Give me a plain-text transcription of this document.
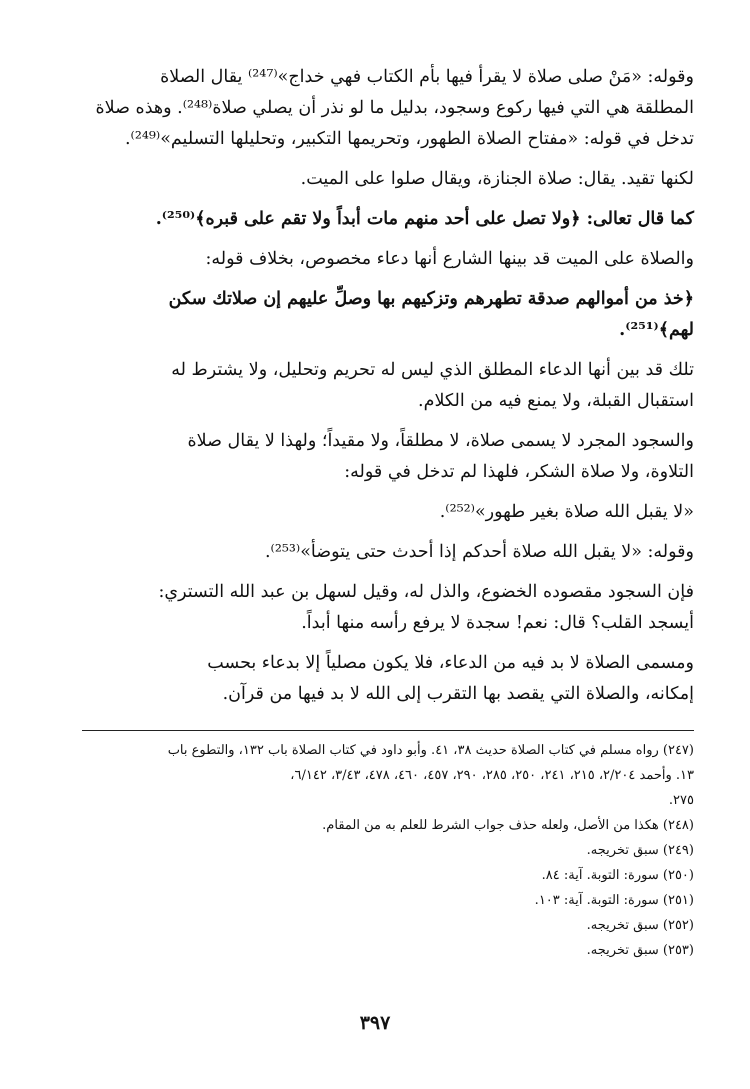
وقوله: «مَنْ صلى صلاة لا يقرأ فيها بأم الكتاب فهي خداج»⁽²⁴⁷⁾ يقال الصلاة
المطلقة هي التي فيها ركوع وسجود، بدليل ما لو نذر أن يصلي صلاة⁽²⁴⁸⁾. وهذه صلاة
تدخل في قوله: «مفتاح الصلاة الطهور، وتحريمها التكبير، وتحليلها التسليم»⁽²⁴⁹⁾.

لكنها تقيد. يقال: صلاة الجنازة، ويقال صلوا على الميت.

كما قال تعالى: ﴿ولا تصل على أحد منهم مات أبداً ولا تقم على قبره﴾⁽²⁵⁰⁾.

والصلاة على الميت قد بينها الشارع أنها دعاء مخصوص، بخلاف قوله:

﴿خذ من أموالهم صدقة تطهرهم وتزكيهم بها وصلِّ عليهم إن صلاتك سكن
لهم﴾⁽²⁵¹⁾.

تلك قد بين أنها الدعاء المطلق الذي ليس له تحريم وتحليل، ولا يشترط له
استقبال القبلة، ولا يمنع فيه من الكلام.

والسجود المجرد لا يسمى صلاة، لا مطلقاً، ولا مقيداً؛ ولهذا لا يقال صلاة
التلاوة، ولا صلاة الشكر، فلهذا لم تدخل في قوله:

«لا يقبل الله صلاة بغير طهور»⁽²⁵²⁾.

وقوله: «لا يقبل الله صلاة أحدكم إذا أحدث حتى يتوضأ»⁽²⁵³⁾.

فإن السجود مقصوده الخضوع، والذل له، وقيل لسهل بن عبد الله التستري:
أيسجد القلب؟ قال: نعم! سجدة لا يرفع رأسه منها أبداً.

ومسمى الصلاة لا بد فيه من الدعاء، فلا يكون مصلياً إلا بدعاء بحسب
إمكانه، والصلاة التي يقصد بها التقرب إلى الله لا بد فيها من قرآن.

(٢٤٧) رواه مسلم في كتاب الصلاة حديث ٣٨، ٤١. وأبو داود في كتاب الصلاة باب ١٣٢، والتطوع باب
١٣. وأحمد ٢/٢٠٤، ٢١٥، ٢٤١، ٢٥٠، ٢٨٥، ٢٩٠، ٤٥٧، ٤٦٠، ٤٧٨، ٣/٤٣، ٦/١٤٢،
٢٧٥.

(٢٤٨) هكذا من الأصل، ولعله حذف جواب الشرط للعلم به من المقام.

(٢٤٩) سبق تخريجه.

(٢٥٠) سورة: التوبة. آية: ٨٤.

(٢٥١) سورة: التوبة. آية: ١٠٣.

(٢٥٢) سبق تخريجه.

(٢٥٣) سبق تخريجه.

٣٩٧
